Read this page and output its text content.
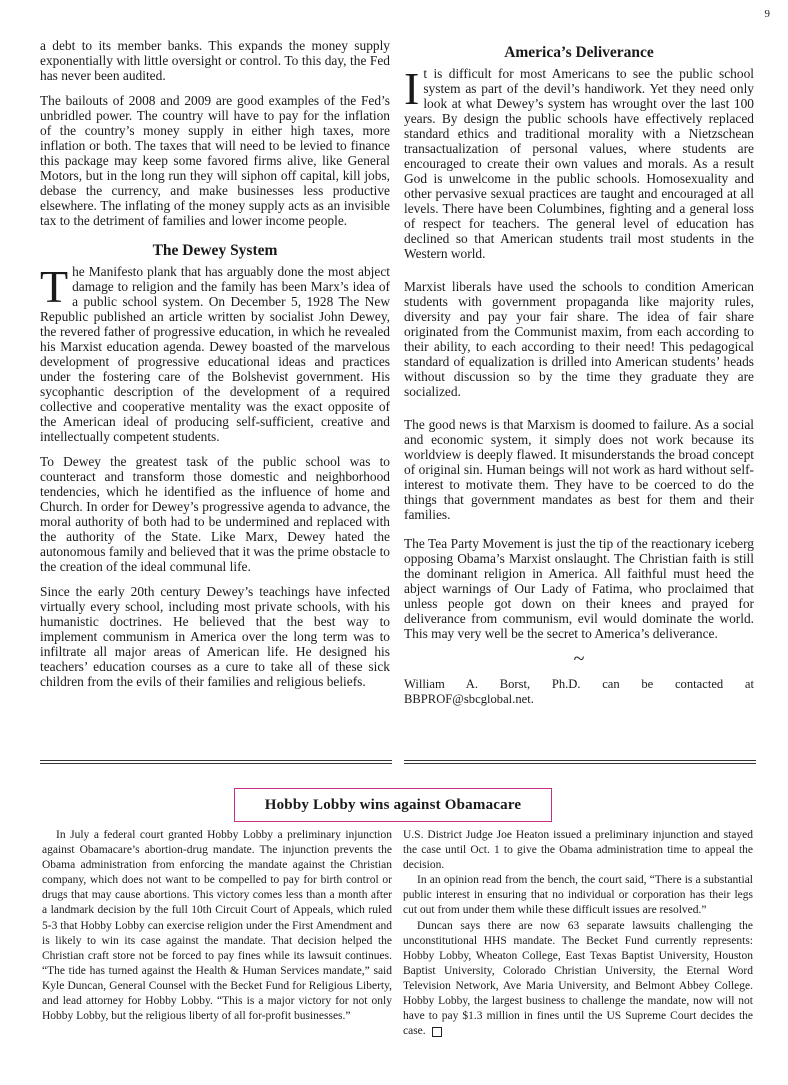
9

a debt to its member banks. This expands the money supply exponentially with little oversight or control. To this day, the Fed has never been audited.

The bailouts of 2008 and 2009 are good examples of the Fed’s unbridled power. The country will have to pay for the inflation of the country’s money supply in either high taxes, more inflation or both. The taxes that will need to be levied to finance this package may keep some favored firms alive, like General Motors, but in the long run they will siphon off capital, kill jobs, debase the currency, and make businesses less productive elsewhere. The inflating of the money supply acts as an invisible tax to the detriment of families and lower income people.

The Dewey System

T he Manifesto plank that has arguably done the most abject damage to religion and the family has been Marx’s idea of a public school system. On December 5, 1928 The New Republic published an article written by socialist John Dewey, the revered father of progressive education, in which he revealed his Marxist education agenda. Dewey boasted of the marvelous development of progressive educational ideas and practices under the fostering care of the Bolshevist government. His sycophantic description of the development of a required collective and cooperative mentality was the exact opposite of the American ideal of producing self-sufficient, creative and intellectually competent students.

To Dewey the greatest task of the public school was to counteract and transform those domestic and neighborhood tendencies, which he identified as the influence of home and Church. In order for Dewey’s progressive agenda to advance, the moral authority of both had to be undermined and replaced with the authority of the State. Like Marx, Dewey hated the autonomous family and believed that it was the prime obstacle to the creation of the ideal communal life.

Since the early 20th century Dewey’s teachings have infected virtually every school, including most private schools, with his humanistic doctrines. He believed that the best way to implement communism in America over the long term was to infiltrate all major areas of American life. He designed his teachers’ education courses as a cure to take all of these sick children from the evils of their families and religious beliefs.

America’s Deliverance

I t is difficult for most Americans to see the public school system as part of the devil’s handiwork. Yet they need only look at what Dewey’s system has wrought over the last 100 years. By design the public schools have effectively replaced standard ethics and traditional morality with a Nietzschean transactualization of personal values, where students are encouraged to create their own values and morals. As a result God is unwelcome in the public schools. Homosexuality and other pervasive sexual practices are taught and encouraged at all levels. There have been Columbines, fighting and a general loss of respect for teachers. The general level of education has declined so that American students trail most students in the Western world.

Marxist liberals have used the schools to condition American students with government propaganda like majority rules, diversity and pay your fair share. The idea of fair share originated from the Communist maxim, from each according to their ability, to each according to their need! This pedagogical standard of equalization is drilled into American students’ heads without discussion so by the time they graduate they are socialized.

The good news is that Marxism is doomed to failure. As a social and economic system, it simply does not work because its worldview is deeply flawed. It misunderstands the broad concept of original sin. Human beings will not work as hard without self-interest to motivate them. They have to be coerced to do the things that government mandates as best for them and their families.

The Tea Party Movement is just the tip of the reactionary iceberg opposing Obama’s Marxist onslaught. The Christian faith is still the dominant religion in America. All faithful must heed the abject warnings of Our Lady of Fatima, who proclaimed that unless people got down on their knees and prayed for deliverance from communism, evil would dominate the world. This may very well be the secret to America’s deliverance.

~
William A. Borst, Ph.D. can be contacted at BBPROF@sbcglobal.net.
Hobby Lobby wins against Obamacare

In July a federal court granted Hobby Lobby a preliminary injunction against Obamacare’s abortion-drug mandate. The injunction prevents the Obama administration from enforcing the mandate against the Christian company, which does not want to be compelled to pay for birth control or drugs that may cause abortions. This victory comes less than a month after a landmark decision by the full 10th Circuit Court of Appeals, which ruled 5-3 that Hobby Lobby can exercise religion under the First Amendment and is likely to win its case against the mandate. That decision helped the Christian craft store not be forced to pay fines while its lawsuit continues. “The tide has turned against the Health & Human Services mandate,” said Kyle Duncan, General Counsel with the Becket Fund for Religious Liberty, and lead attorney for Hobby Lobby. “This is a major victory for not only Hobby Lobby, but the religious liberty of all for-profit businesses.”

U.S. District Judge Joe Heaton issued a preliminary injunction and stayed the case until Oct. 1 to give the Obama administration time to appeal the decision.

In an opinion read from the bench, the court said, “There is a substantial public interest in ensuring that no individual or corporation has their legs cut out from under them while these difficult issues are resolved.”

Duncan says there are now 63 separate lawsuits challenging the unconstitutional HHS mandate. The Becket Fund currently represents: Hobby Lobby, Wheaton College, East Texas Baptist University, Houston Baptist University, Colorado Christian University, the Eternal Word Television Network, Ave Maria University, and Belmont Abbey College. Hobby Lobby, the largest business to challenge the mandate, now will not have to pay $1.3 million in fines until the US Supreme Court decides the case.
